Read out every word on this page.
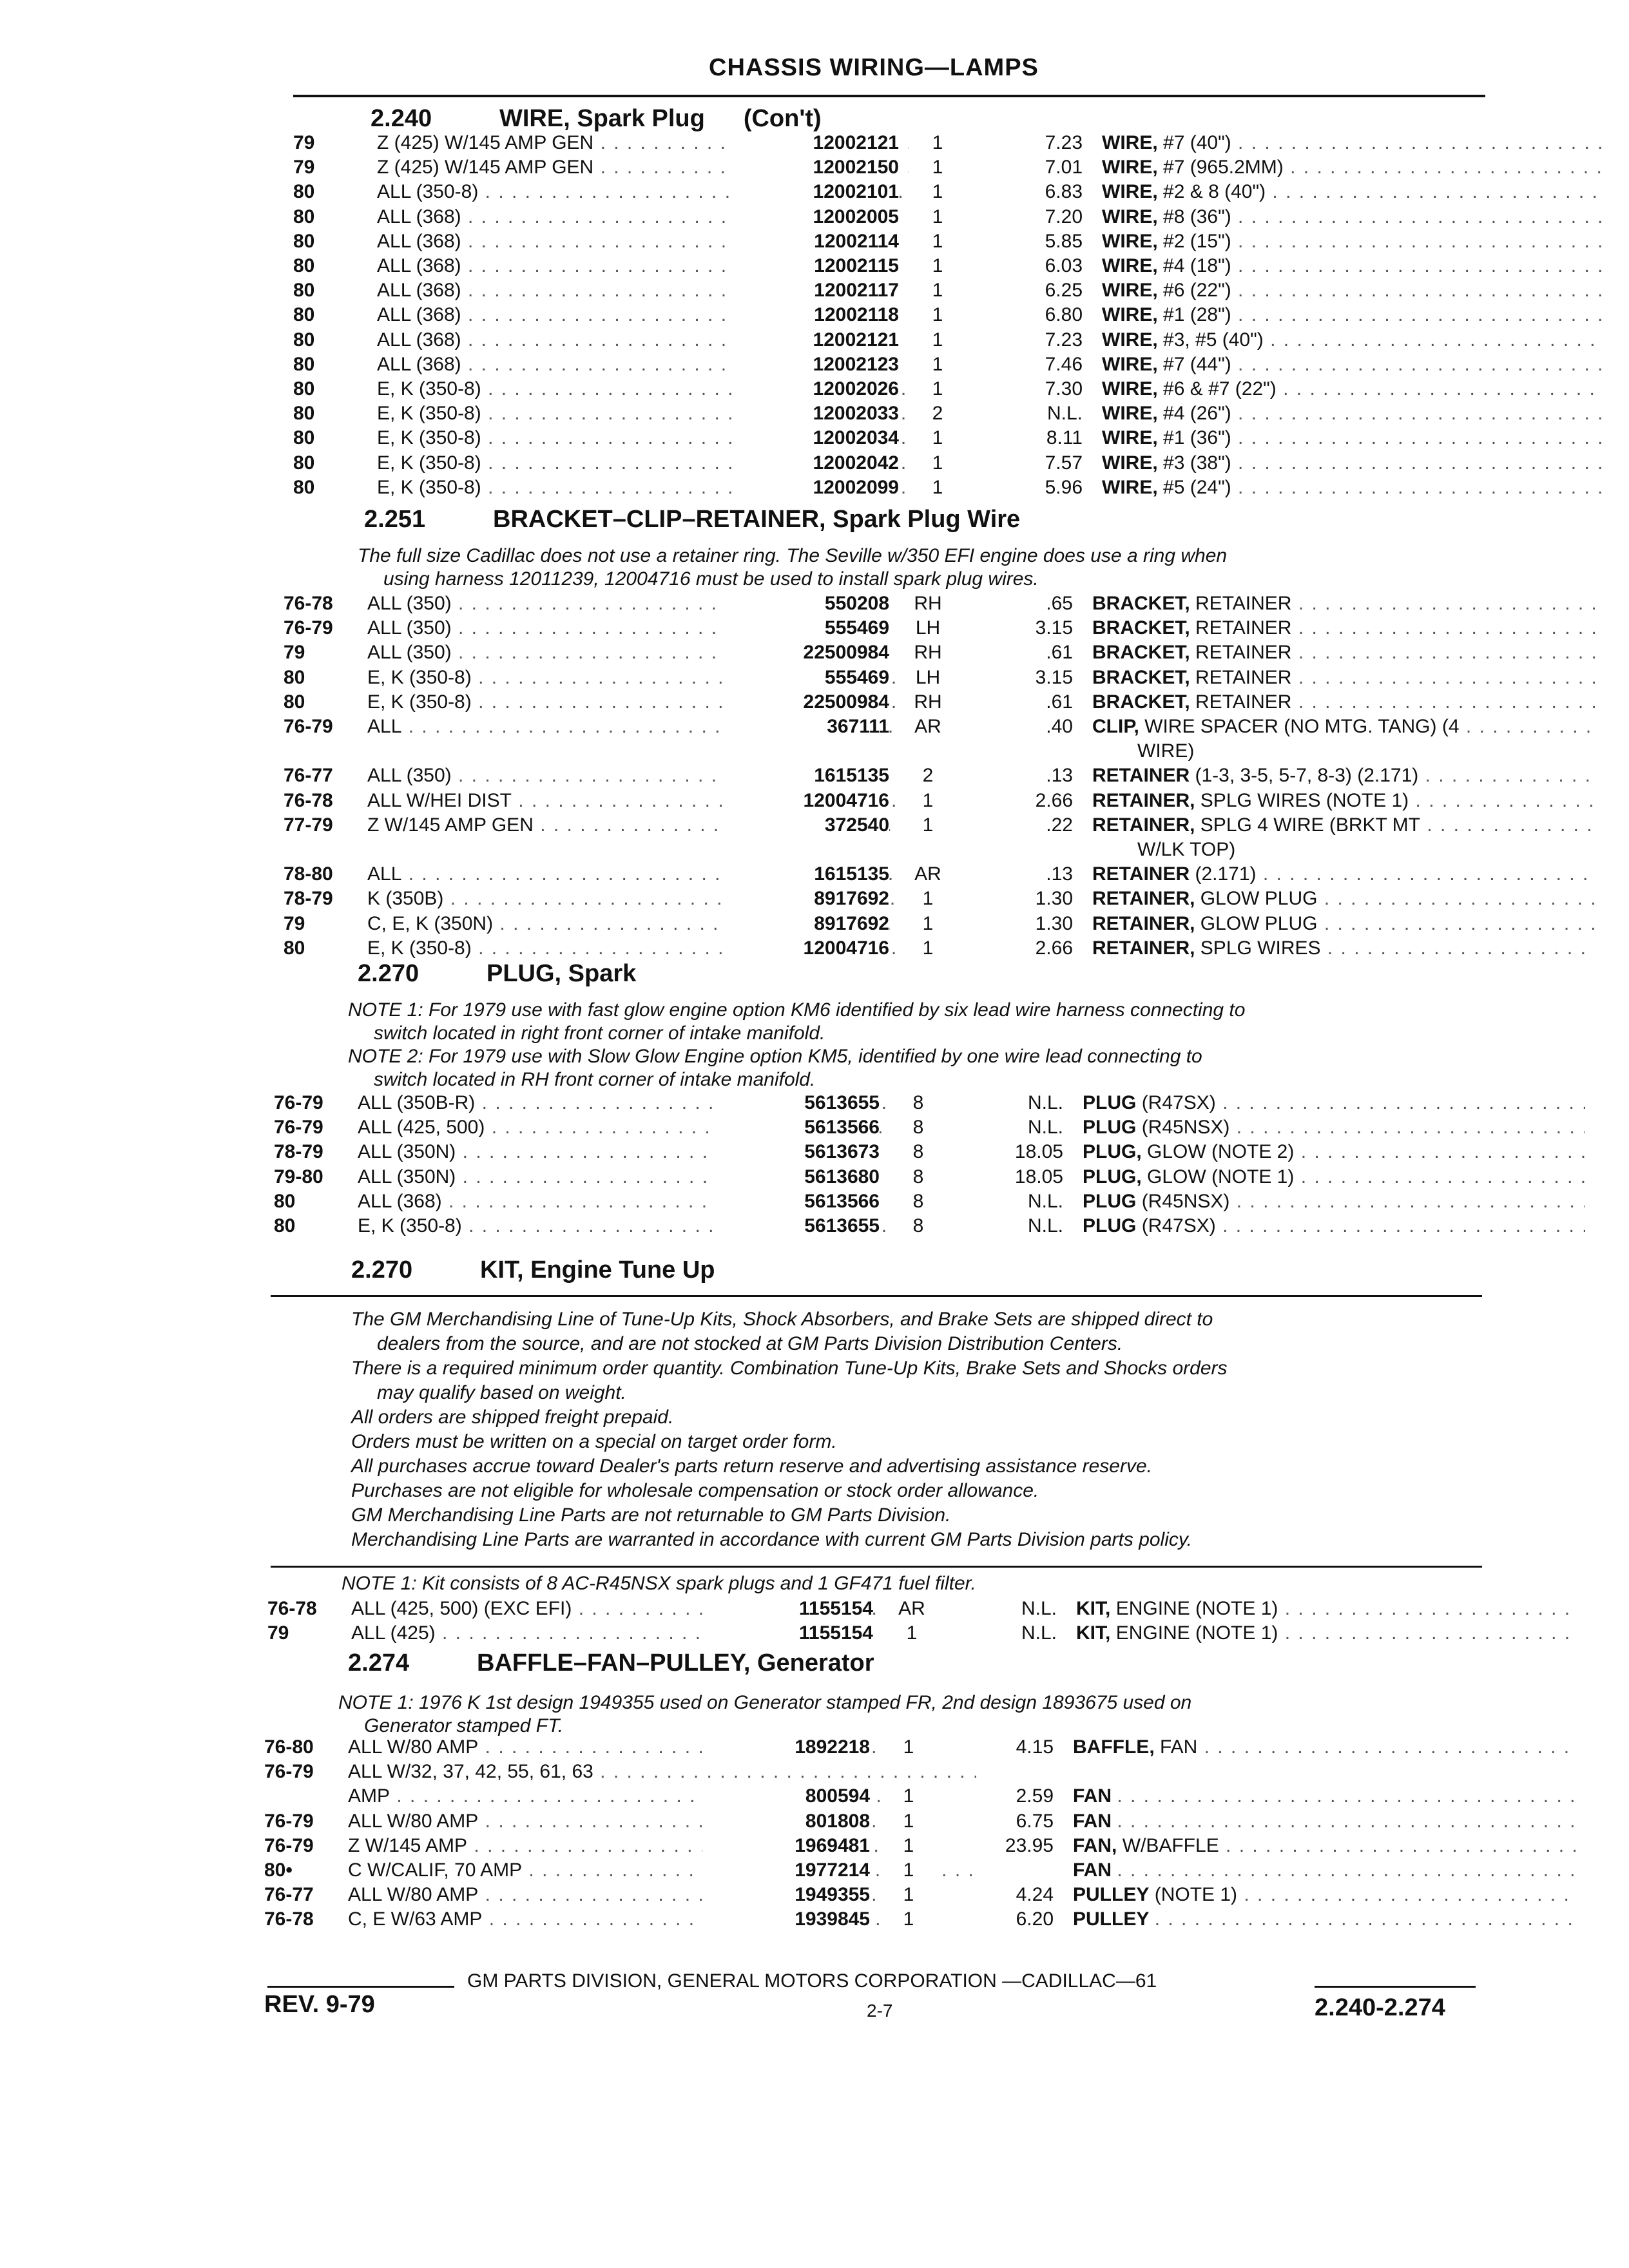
CHASSIS WIRING—LAMPS
2.240	WIRE, Spark Plug (Con't)
79	Z (425) W/145 AMP GEN . . .	12002121	1	7.23 WIRE, #7 (40") . . .
79	Z (425) W/145 AMP GEN . . .	12002150	1	7.01 WIRE, #7 (965.2MM) . . .
80	ALL (350-8) . . .	12002101	1	6.83 WIRE, #2 & 8 (40") . . .
80	ALL (368) . . .	12002005	1	7.20 WIRE, #8 (36") . . .
80	ALL (368) . . .	12002114	1	5.85 WIRE, #2 (15") . . .
80	ALL (368) . . .	12002115	1	6.03 WIRE, #4 (18") . . .
80	ALL (368) . . .	12002117	1	6.25 WIRE, #6 (22") . . .
80	ALL (368) . . .	12002118	1	6.80 WIRE, #1 (28") . . .
80	ALL (368) . . .	12002121	1	7.23 WIRE, #3, #5 (40") . . .
80	ALL (368) . . .	12002123	1	7.46 WIRE, #7 (44") . . .
80	E, K (350-8) . . .	12002026	1	7.30 WIRE, #6 & #7 (22") . . .
80	E, K (350-8) . . .	12002033	2	N.L. WIRE, #4 (26") . . .
80	E, K (350-8) . . .	12002034	1	8.11 WIRE, #1 (36") . . .
80	E, K (350-8) . . .	12002042	1	7.57 WIRE, #3 (38") . . .
80	E, K (350-8) . . .	12002099	1	5.96 WIRE, #5 (24") . . .
2.251	BRACKET–CLIP–RETAINER, Spark Plug Wire
The full size Cadillac does not use a retainer ring. The Seville w/350 EFI engine does use a ring when
using harness 12011239, 12004716 must be used to install spark plug wires.
76-78	ALL (350) . . .	550208	RH	.65 BRACKET, RETAINER . . .
76-79	ALL (350) . . .	555469	LH	3.15 BRACKET, RETAINER . . .
79	ALL (350) . . .	22500984	RH	.61 BRACKET, RETAINER . . .
80	E, K (350-8) . . .	555469	LH	3.15 BRACKET, RETAINER . . .
80	E, K (350-8) . . .	22500984	RH	.61 BRACKET, RETAINER . . .
76-79	ALL . . .	367111	AR	.40 CLIP, WIRE SPACER (NO MTG. TANG) (4 . . .
WIRE)
76-77	ALL (350) . . .	1615135	2	.13 RETAINER (1-3, 3-5, 5-7, 8-3) (2.171) . . .
76-78	ALL W/HEI DIST . . .	12004716	1	2.66 RETAINER, SPLG WIRES (NOTE 1) . . .
77-79	Z W/145 AMP GEN . . .	372540	1	.22 RETAINER, SPLG 4 WIRE (BRKT MT . . .
W/LK TOP)
78-80	ALL . . .	1615135	AR	.13 RETAINER (2.171) . . .
78-79	K (350B) . . .	8917692	1	1.30 RETAINER, GLOW PLUG . . .
79	C, E, K (350N) . . .	8917692	1	1.30 RETAINER, GLOW PLUG . . .
80	E, K (350-8) . . .	12004716	1	2.66 RETAINER, SPLG WIRES . . .
2.270	PLUG, Spark
NOTE 1: For 1979 use with fast glow engine option KM6 identified by six lead wire harness connecting to
switch located in right front corner of intake manifold.
NOTE 2: For 1979 use with Slow Glow Engine option KM5, identified by one wire lead connecting to
switch located in RH front corner of intake manifold.
76-79	ALL (350B-R) . . .	5613655	8	N.L. PLUG (R47SX) . . .
76-79	ALL (425, 500) . . .	5613566	8	N.L. PLUG (R45NSX) . . .
78-79	ALL (350N) . . .	5613673	8	18.05 PLUG, GLOW (NOTE 2) . . .
79-80	ALL (350N) . . .	5613680	8	18.05 PLUG, GLOW (NOTE 1) . . .
80	ALL (368) . . .	5613566	8	N.L. PLUG (R45NSX) . . .
80	E, K (350-8) . . .	5613655	8	N.L. PLUG (R47SX) . . .
2.270	KIT, Engine Tune Up
The GM Merchandising Line of Tune-Up Kits, Shock Absorbers, and Brake Sets are shipped direct to
dealers from the source, and are not stocked at GM Parts Division Distribution Centers.
There is a required minimum order quantity. Combination Tune-Up Kits, Brake Sets and Shocks orders
may qualify based on weight.
All orders are shipped freight prepaid.
Orders must be written on a special on target order form.
All purchases accrue toward Dealer's parts return reserve and advertising assistance reserve.
Purchases are not eligible for wholesale compensation or stock order allowance.
GM Merchandising Line Parts are not returnable to GM Parts Division.
Merchandising Line Parts are warranted in accordance with current GM Parts Division parts policy.
NOTE 1: Kit consists of 8 AC-R45NSX spark plugs and 1 GF471 fuel filter.
76-78	ALL (425, 500) (EXC EFI) . . .	1155154	AR	N.L. KIT, ENGINE (NOTE 1) . . .
79	ALL (425) . . .	1155154	1	N.L. KIT, ENGINE (NOTE 1) . . .
2.274	BAFFLE–FAN–PULLEY, Generator
NOTE 1: 1976 K 1st design 1949355 used on Generator stamped FR, 2nd design 1893675 used on
Generator stamped FT.
76-80	ALL W/80 AMP . . .	1892218	1	4.15 BAFFLE, FAN . . .
76-79	ALL W/32, 37, 42, 55, 61, 63 . . .
AMP . . .	800594	1	2.59 FAN . . .
76-79	ALL W/80 AMP . . .	801808	1	6.75 FAN . . .
76-79	Z W/145 AMP . . .	1969481	1	23.95 FAN, W/BAFFLE . . .
80•	C W/CALIF, 70 AMP . . .	1977214	1	FAN . . .
76-77	ALL W/80 AMP . . .	1949355	1	4.24 PULLEY (NOTE 1) . . .
76-78	C, E W/63 AMP . . .	1939845	1	6.20 PULLEY . . .
GM PARTS DIVISION, GENERAL MOTORS CORPORATION —CADILLAC—61
REV. 9-79	2-7	2.240-2.274
